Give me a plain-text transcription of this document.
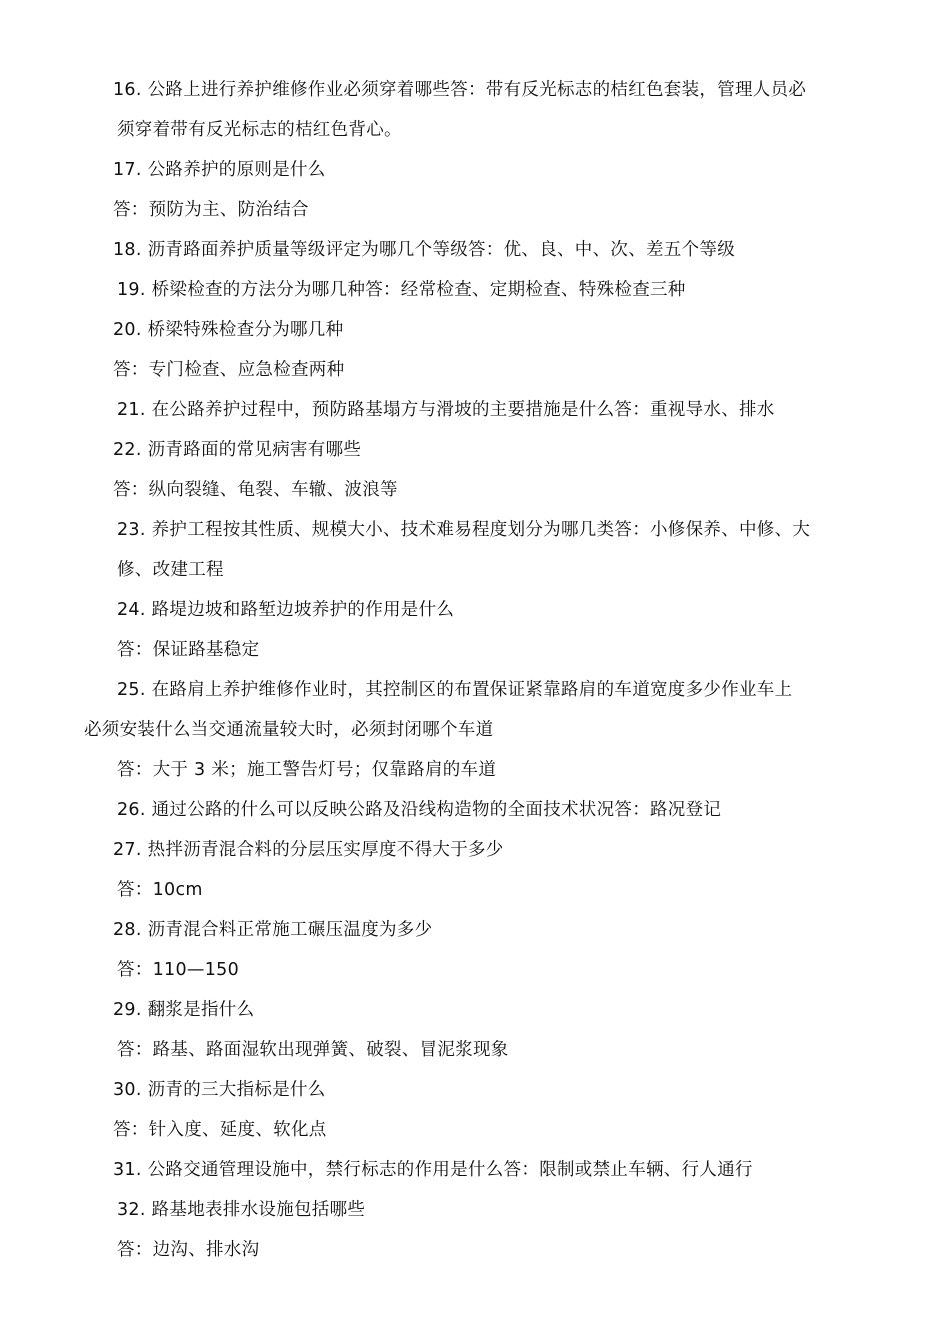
16. 公路上进行养护维修作业必须穿着哪些答：带有反光标志的桔红色套装，管理人员必
须穿着带有反光标志的桔红色背心。
17. 公路养护的原则是什么
答：预防为主、防治结合
18. 沥青路面养护质量等级评定为哪几个等级答：优、良、中、次、差五个等级
19. 桥梁检查的方法分为哪几种答：经常检查、定期检查、特殊检查三种
20. 桥梁特殊检查分为哪几种
答：专门检查、应急检查两种
21. 在公路养护过程中，预防路基塌方与滑坡的主要措施是什么答：重视导水、排水
22. 沥青路面的常见病害有哪些
答：纵向裂缝、龟裂、车辙、波浪等
23. 养护工程按其性质、规模大小、技术难易程度划分为哪几类答：小修保养、中修、大
修、改建工程
24. 路堤边坡和路堑边坡养护的作用是什么
答：保证路基稳定
25. 在路肩上养护维修作业时，其控制区的布置保证紧靠路肩的车道宽度多少作业车上
必须安装什么当交通流量较大时，必须封闭哪个车道
答：大于 3 米；施工警告灯号；仅靠路肩的车道
26. 通过公路的什么可以反映公路及沿线构造物的全面技术状况答：路况登记
27. 热拌沥青混合料的分层压实厚度不得大于多少
答：10cm
28. 沥青混合料正常施工碾压温度为多少
答：110—150
29. 翻浆是指什么
答：路基、路面湿软出现弹簧、破裂、冒泥浆现象
30. 沥青的三大指标是什么
答：针入度、延度、软化点
31. 公路交通管理设施中，禁行标志的作用是什么答：限制或禁止车辆、行人通行
32. 路基地表排水设施包括哪些
答：边沟、排水沟
